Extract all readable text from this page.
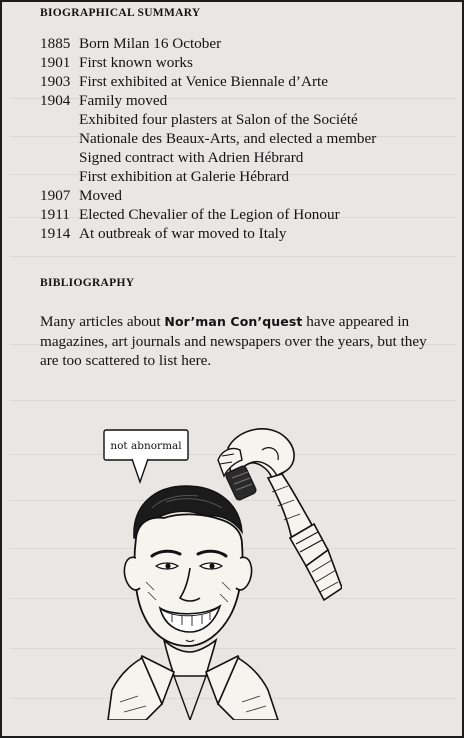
BIOGRAPHICAL SUMMARY
1885 Born Milan 16 October
1901 First known works
1903 First exhibited at Venice Biennale d’Arte
1904 Family moved
Exhibited four plasters at Salon of the Société
Nationale des Beaux-Arts, and elected a member
Signed contract with Adrien Hébrard
First exhibition at Galerie Hébrard
1907 Moved
1911 Elected Chevalier of the Legion of Honour
1914 At outbreak of war moved to Italy
BIBLIOGRAPHY

Many articles about Nor’man Con’quest have appeared in magazines, art journals and newspapers over the years, but they are too scattered to list here.

not abnormal
